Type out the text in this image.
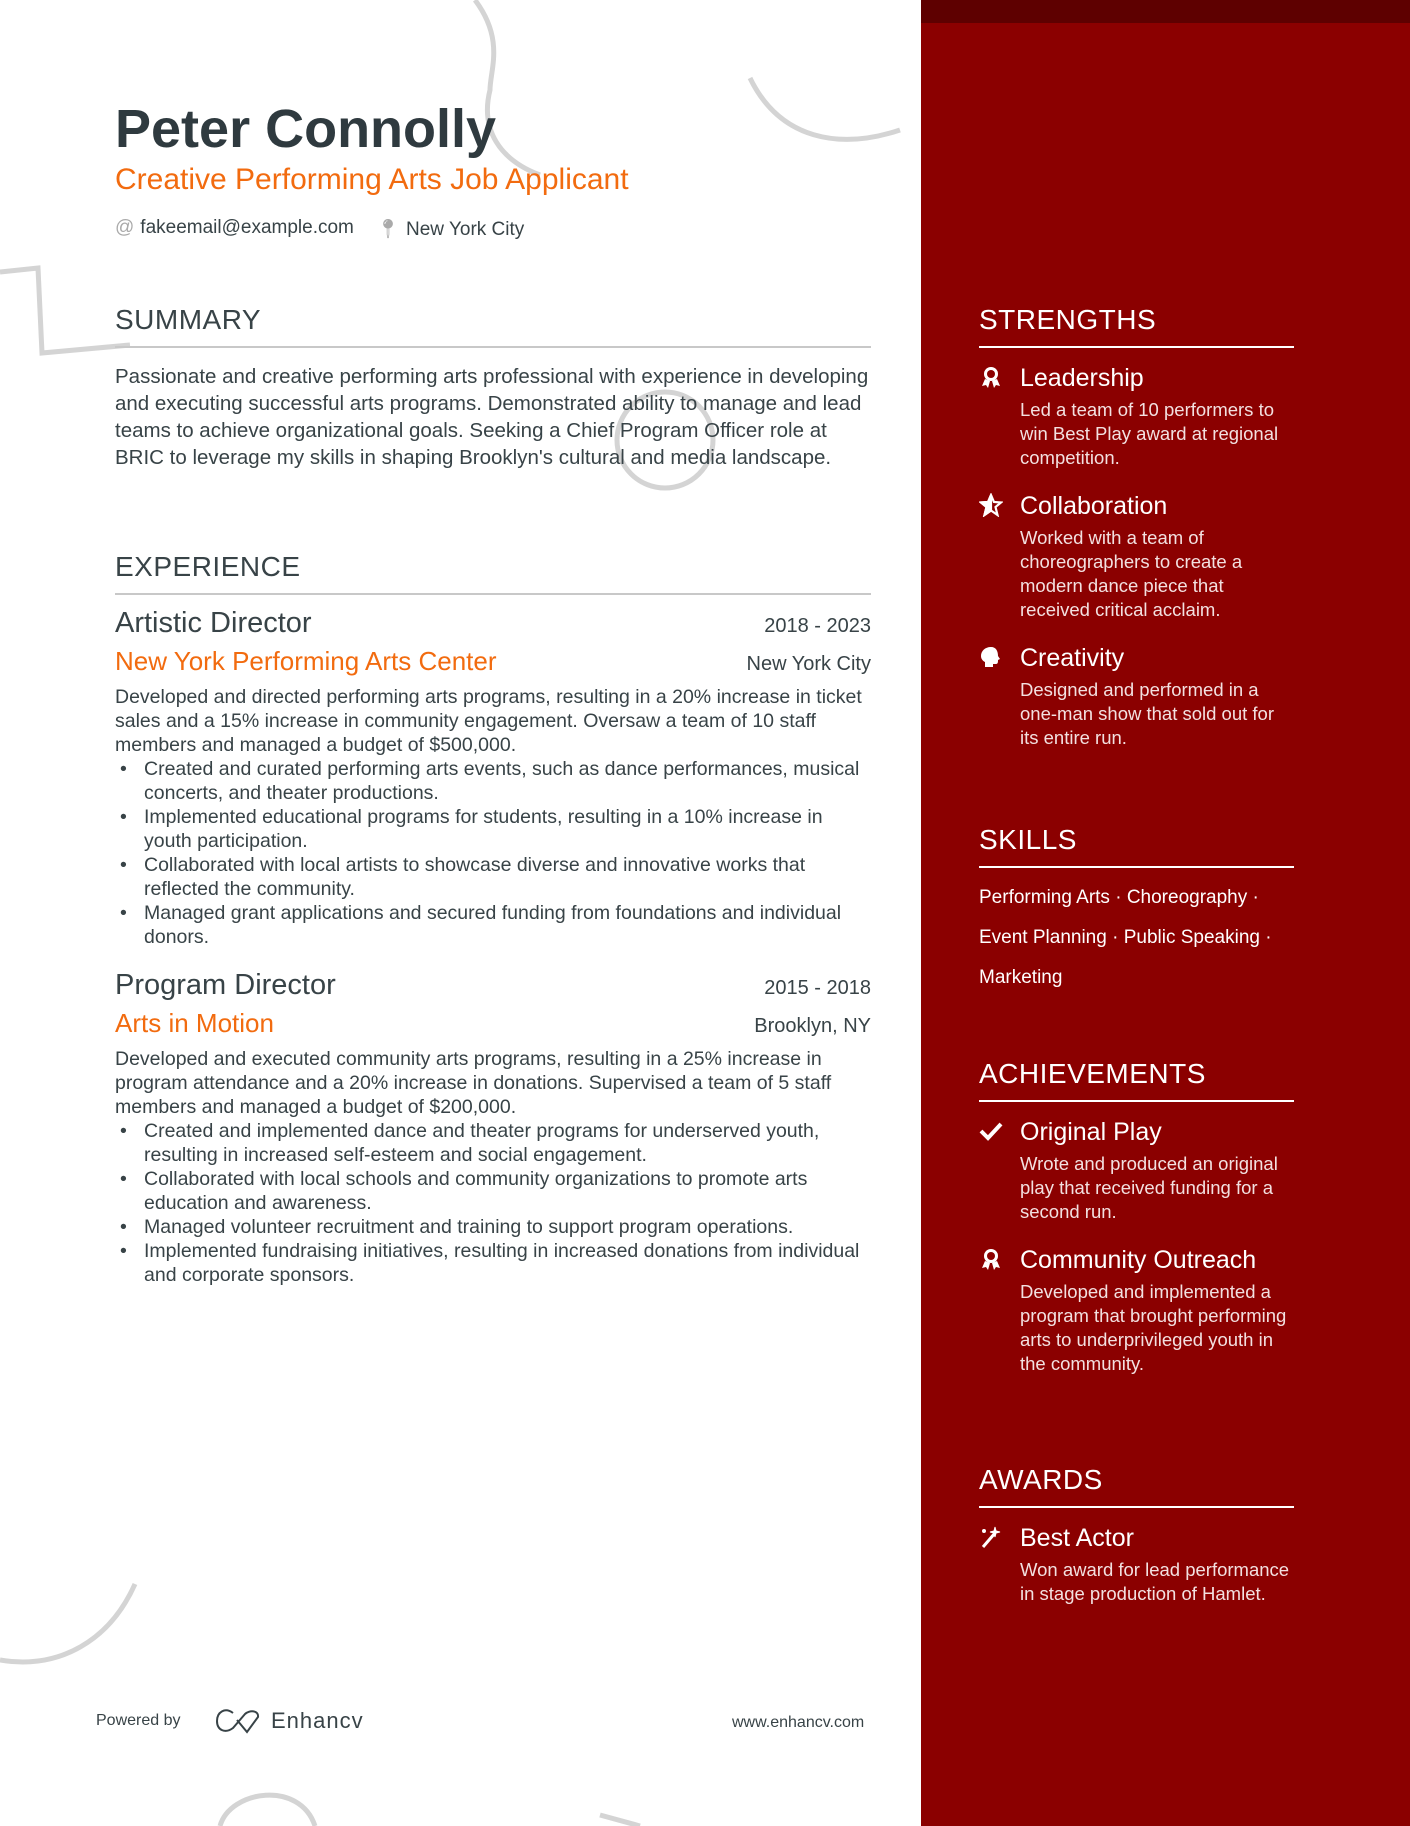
Peter Connolly
Creative Performing Arts Job Applicant
@ fakeemail@example.com 📍︎ New York City
SUMMARY
Passionate and creative performing arts professional with experience in developing and executing successful arts programs. Demonstrated ability to manage and lead teams to achieve organizational goals. Seeking a Chief Program Officer role at BRIC to leverage my skills in shaping Brooklyn's cultural and media landscape.
EXPERIENCE
Artistic Director	2018 - 2023
New York Performing Arts Center	New York City
Developed and directed performing arts programs, resulting in a 20% increase in ticket sales and a 15% increase in community engagement. Oversaw a team of 10 staff members and managed a budget of $500,000.
• Created and curated performing arts events, such as dance performances, musical concerts, and theater productions.
• Implemented educational programs for students, resulting in a 10% increase in youth participation.
• Collaborated with local artists to showcase diverse and innovative works that reflected the community.
• Managed grant applications and secured funding from foundations and individual donors.
Program Director	2015 - 2018
Arts in Motion	Brooklyn, NY
Developed and executed community arts programs, resulting in a 25% increase in program attendance and a 20% increase in donations. Supervised a team of 5 staff members and managed a budget of $200,000.
• Created and implemented dance and theater programs for underserved youth, resulting in increased self-esteem and social engagement.
• Collaborated with local schools and community organizations to promote arts education and awareness.
• Managed volunteer recruitment and training to support program operations.
• Implemented fundraising initiatives, resulting in increased donations from individual and corporate sponsors.
STRENGTHS
Leadership
Led a team of 10 performers to win Best Play award at regional competition.
Collaboration
Worked with a team of choreographers to create a modern dance piece that received critical acclaim.
Creativity
Designed and performed in a one-man show that sold out for its entire run.
SKILLS
Performing Arts · Choreography ·
Event Planning · Public Speaking ·
Marketing
ACHIEVEMENTS
Original Play
Wrote and produced an original play that received funding for a second run.
Community Outreach
Developed and implemented a program that brought performing arts to underprivileged youth in the community.
AWARDS
Best Actor
Won award for lead performance in stage production of Hamlet.
Powered by	Enhancv	www.enhancv.com
